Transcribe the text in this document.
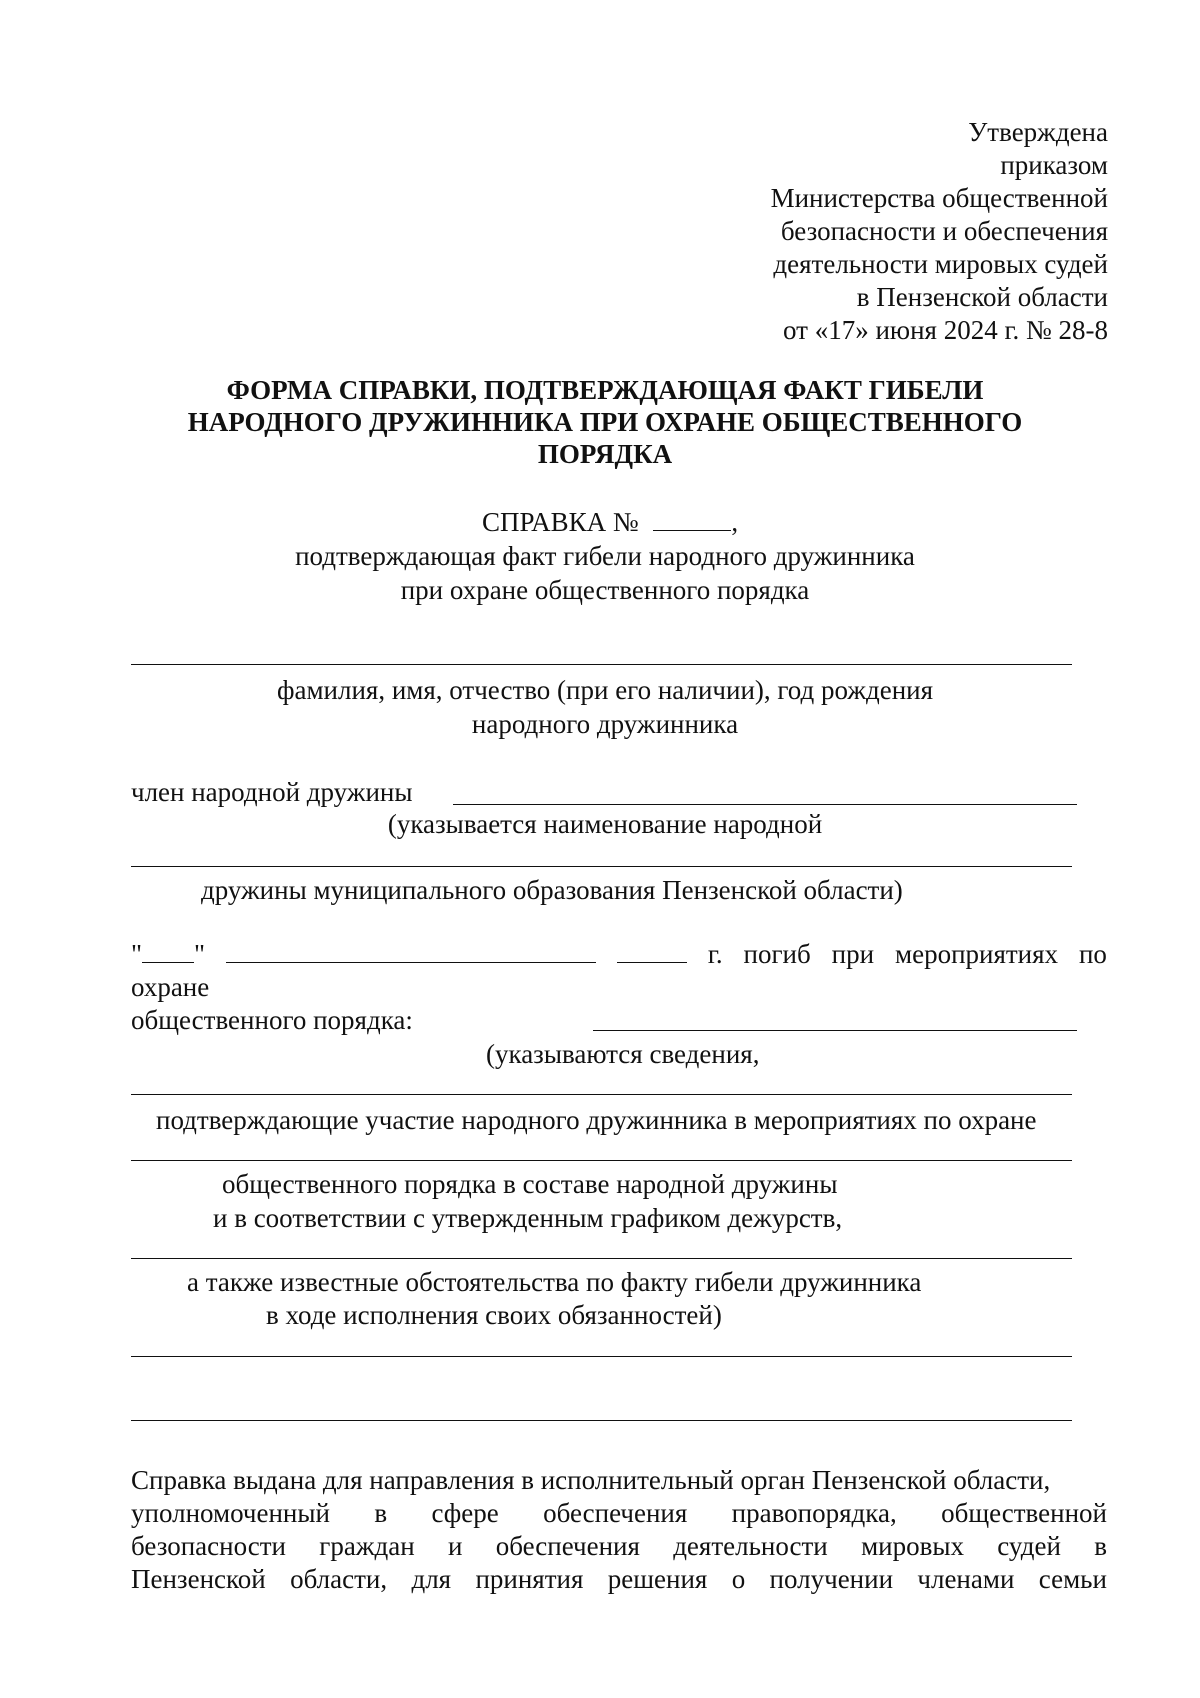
Утверждена
приказом
Министерства общественной
безопасности и обеспечения
деятельности мировых судей
в Пензенской области
от «17» июня 2024 г. № 28-8
ФОРМА СПРАВКИ, ПОДТВЕРЖДАЮЩАЯ ФАКТ ГИБЕЛИ
НАРОДНОГО ДРУЖИННИКА ПРИ ОХРАНЕ ОБЩЕСТВЕННОГО
ПОРЯДКА
СПРАВКА №	,
подтверждающая факт гибели народного дружинника
при охране общественного порядка
фамилия, имя, отчество (при его наличии), год рождения
народного дружинника
член народной дружины
(указывается наименование народной
дружины муниципального образования Пензенской области)
" "	г. погиб при мероприятиях по
охране
общественного порядка:
(указываются сведения,
подтверждающие участие народного дружинника в мероприятиях по охране
общественного порядка в составе народной дружины
и в соответствии с утвержденным графиком дежурств,
а также известные обстоятельства по факту гибели дружинника
в ходе исполнения своих обязанностей)
Справка выдана для направления в исполнительный орган Пензенской области,
уполномоченный в сфере обеспечения правопорядка, общественной
безопасности граждан и обеспечения деятельности мировых судей в
Пензенской области, для принятия решения о получении членами семьи
